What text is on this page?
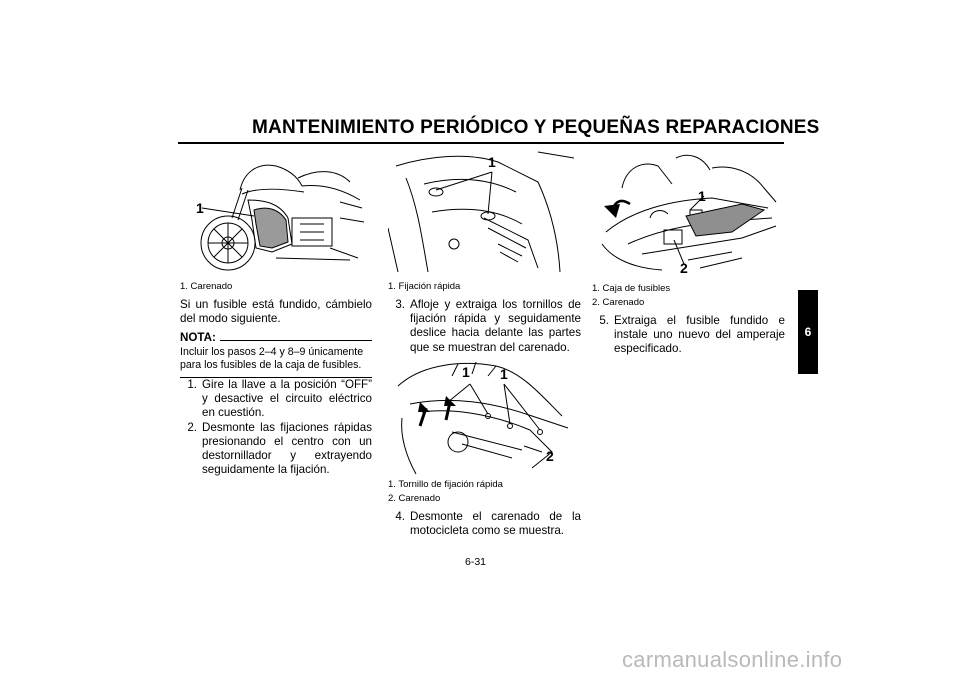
MANTENIMIENTO PERIÓDICO Y PEQUEÑAS REPARACIONES
1
1. Carenado
Si un fusible está fundido, cámbielo del modo siguiente.
NOTA:
Incluir los pasos 2–4 y 8–9 únicamente para los fusibles de la caja de fusibles.
1. Gire la llave a la posición “OFF” y desactive el circuito eléctrico en cuestión.
2. Desmonte las fijaciones rápidas presionando el centro con un destornillador y extrayendo seguidamente la fijación.
1
1. Fijación rápida
3. Afloje y extraiga los tornillos de fijación rápida y seguidamente deslice hacia delante las partes que se muestran del carenado.
1 1
2
1. Tornillo de fijación rápida
2. Carenado
4. Desmonte el carenado de la motocicleta como se muestra.
1
2
1. Caja de fusibles
2. Carenado
5. Extraiga el fusible fundido e instale uno nuevo del amperaje especificado.
6
6-31
carmanualsonline.info
